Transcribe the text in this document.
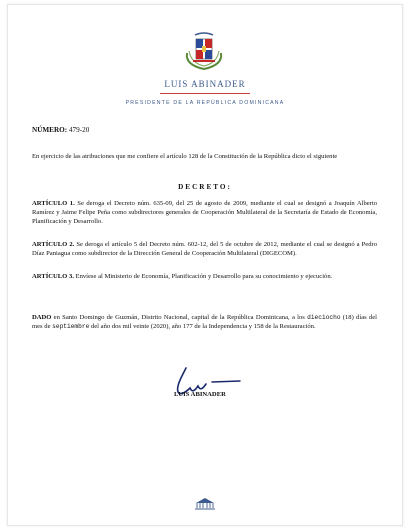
LUIS ABINADER
PRESIDENTE DE LA REPÚBLICA DOMINICANA
NÚMERO: 479-20
En ejercicio de las atribuciones que me confiere el artículo 128 de la Constitución de la República dicto el siguiente
DECRETO:
ARTÍCULO 1. Se deroga el Decreto núm. 635-09, del 25 de agosto de 2009, mediante el cual se designó a Joaquín Alberto Ramírez y Jaime Felipe Peña como subdirectores generales de Cooperación Multilateral de la Secretaría de Estado de Economía, Planificación y Desarrollo.
ARTÍCULO 2. Se deroga el artículo 5 del Decreto núm. 602-12, del 5 de octubre de 2012, mediante el cual se designó a Pedro Díaz Paniagua como subdirector de la Dirección General de Cooperación Multilateral (DIGECOM).
ARTÍCULO 3. Envíese al Ministerio de Economía, Planificación y Desarrollo para su conocimiento y ejecución.
DADO en Santo Domingo de Guzmán, Distrito Nacional, capital de la República Dominicana, a los dieciocho (18) días del mes de septiembre del año dos mil veinte (2020), año 177 de la Independencia y 158 de la Restauración.
LUIS ABINADER
